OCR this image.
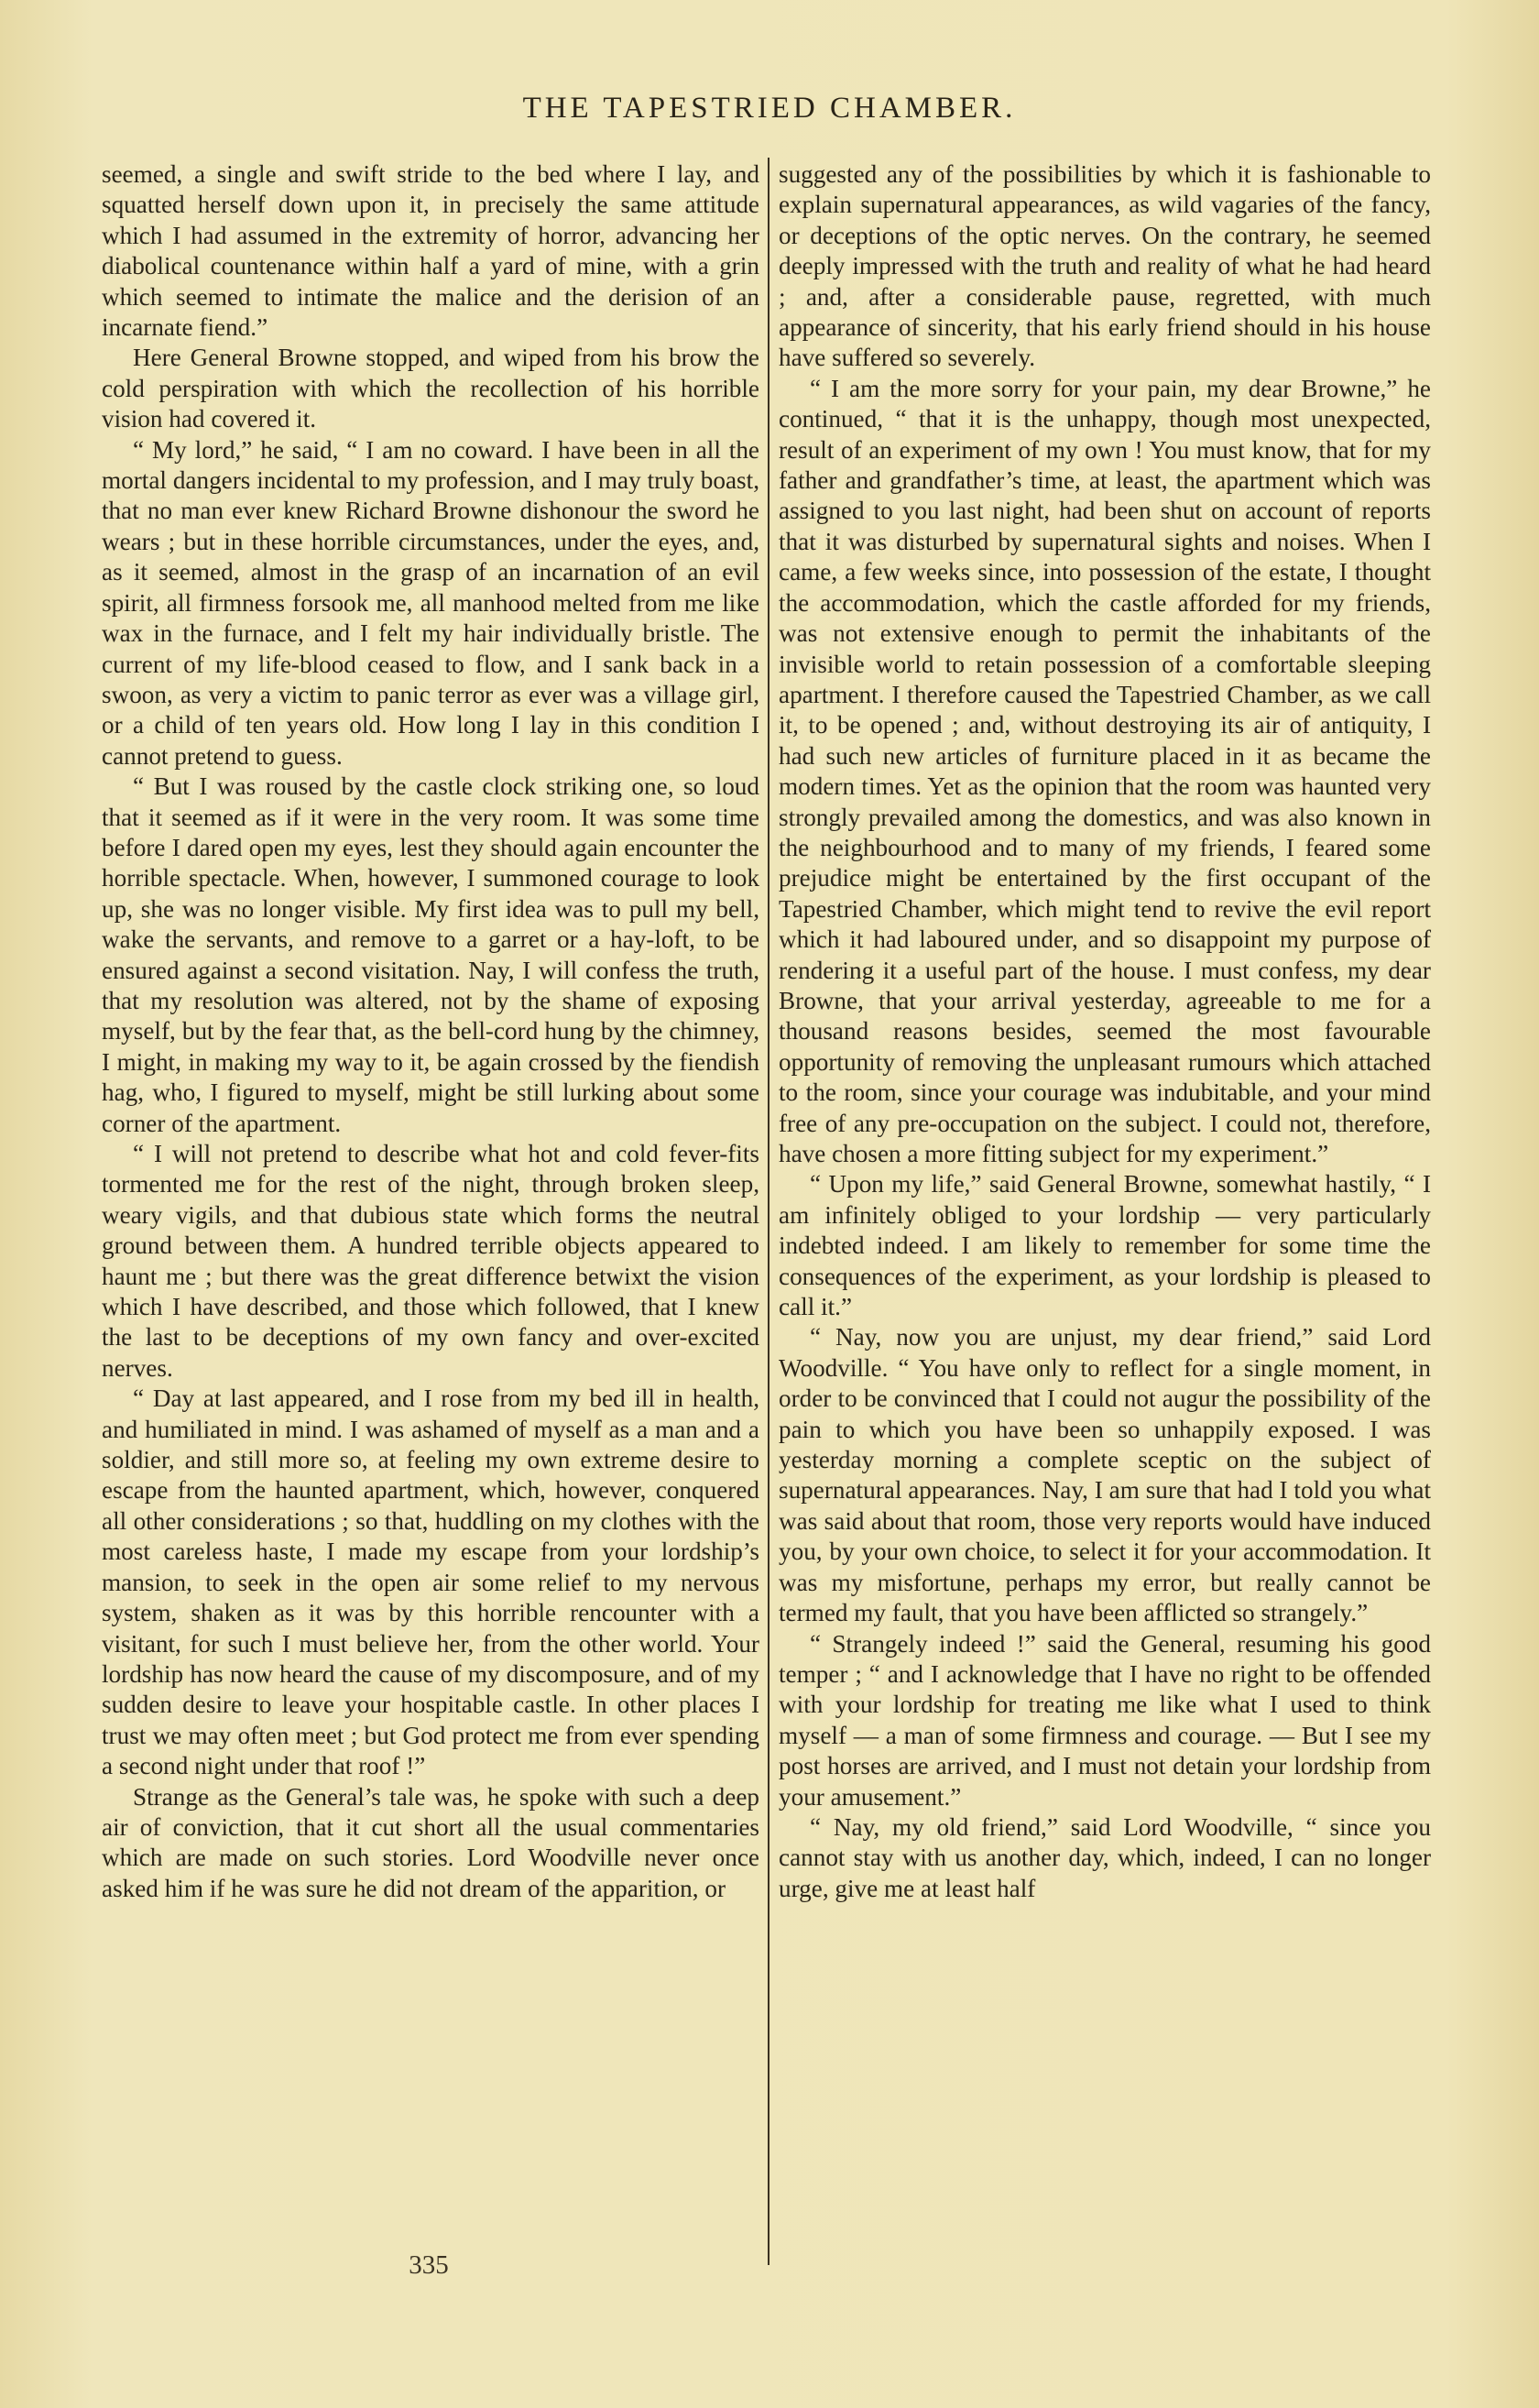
THE TAPESTRIED CHAMBER.

seemed, a single and swift stride to the bed where I lay, and squatted herself down upon it, in precisely the same attitude which I had assumed in the extremity of horror, advancing her diabolical countenance within half a yard of mine, with a grin which seemed to intimate the malice and the derision of an incarnate fiend.”

Here General Browne stopped, and wiped from his brow the cold perspiration with which the recollection of his horrible vision had covered it.

“ My lord,” he said, “ I am no coward. I have been in all the mortal dangers incidental to my profession, and I may truly boast, that no man ever knew Richard Browne dishonour the sword he wears ; but in these horrible circumstances, under the eyes, and, as it seemed, almost in the grasp of an incarnation of an evil spirit, all firmness forsook me, all manhood melted from me like wax in the furnace, and I felt my hair individually bristle. The current of my life-blood ceased to flow, and I sank back in a swoon, as very a victim to panic terror as ever was a village girl, or a child of ten years old. How long I lay in this condition I cannot pretend to guess.

“ But I was roused by the castle clock striking one, so loud that it seemed as if it were in the very room. It was some time before I dared open my eyes, lest they should again encounter the horrible spectacle. When, however, I summoned courage to look up, she was no longer visible. My first idea was to pull my bell, wake the servants, and remove to a garret or a hay-loft, to be ensured against a second visitation. Nay, I will confess the truth, that my resolution was altered, not by the shame of exposing myself, but by the fear that, as the bell-cord hung by the chimney, I might, in making my way to it, be again crossed by the fiendish hag, who, I figured to myself, might be still lurking about some corner of the apartment.

“ I will not pretend to describe what hot and cold fever-fits tormented me for the rest of the night, through broken sleep, weary vigils, and that dubious state which forms the neutral ground between them. A hundred terrible objects appeared to haunt me ; but there was the great difference betwixt the vision which I have described, and those which followed, that I knew the last to be deceptions of my own fancy and over-excited nerves.

“ Day at last appeared, and I rose from my bed ill in health, and humiliated in mind. I was ashamed of myself as a man and a soldier, and still more so, at feeling my own extreme desire to escape from the haunted apartment, which, however, conquered all other considerations ; so that, huddling on my clothes with the most careless haste, I made my escape from your lordship’s mansion, to seek in the open air some relief to my nervous system, shaken as it was by this horrible rencounter with a visitant, for such I must believe her, from the other world. Your lordship has now heard the cause of my discomposure, and of my sudden desire to leave your hospitable castle. In other places I trust we may often meet ; but God protect me from ever spending a second night under that roof !”

Strange as the General’s tale was, he spoke with such a deep air of conviction, that it cut short all the usual commentaries which are made on such stories. Lord Woodville never once asked him if he was sure he did not dream of the apparition, or

suggested any of the possibilities by which it is fashionable to explain supernatural appearances, as wild vagaries of the fancy, or deceptions of the optic nerves. On the contrary, he seemed deeply impressed with the truth and reality of what he had heard ; and, after a considerable pause, regretted, with much appearance of sincerity, that his early friend should in his house have suffered so severely.

“ I am the more sorry for your pain, my dear Browne,” he continued, “ that it is the unhappy, though most unexpected, result of an experiment of my own ! You must know, that for my father and grandfather’s time, at least, the apartment which was assigned to you last night, had been shut on account of reports that it was disturbed by supernatural sights and noises. When I came, a few weeks since, into possession of the estate, I thought the accommodation, which the castle afforded for my friends, was not extensive enough to permit the inhabitants of the invisible world to retain possession of a comfortable sleeping apartment. I therefore caused the Tapestried Chamber, as we call it, to be opened ; and, without destroying its air of antiquity, I had such new articles of furniture placed in it as became the modern times. Yet as the opinion that the room was haunted very strongly prevailed among the domestics, and was also known in the neighbourhood and to many of my friends, I feared some prejudice might be entertained by the first occupant of the Tapestried Chamber, which might tend to revive the evil report which it had laboured under, and so disappoint my purpose of rendering it a useful part of the house. I must confess, my dear Browne, that your arrival yesterday, agreeable to me for a thousand reasons besides, seemed the most favourable opportunity of removing the unpleasant rumours which attached to the room, since your courage was indubitable, and your mind free of any pre-occupation on the subject. I could not, therefore, have chosen a more fitting subject for my experiment.”

“ Upon my life,” said General Browne, somewhat hastily, “ I am infinitely obliged to your lordship — very particularly indebted indeed. I am likely to remember for some time the consequences of the experiment, as your lordship is pleased to call it.”

“ Nay, now you are unjust, my dear friend,” said Lord Woodville. “ You have only to reflect for a single moment, in order to be convinced that I could not augur the possibility of the pain to which you have been so unhappily exposed. I was yesterday morning a complete sceptic on the subject of supernatural appearances. Nay, I am sure that had I told you what was said about that room, those very reports would have induced you, by your own choice, to select it for your accommodation. It was my misfortune, perhaps my error, but really cannot be termed my fault, that you have been afflicted so strangely.”

“ Strangely indeed !” said the General, resuming his good temper ; “ and I acknowledge that I have no right to be offended with your lordship for treating me like what I used to think myself — a man of some firmness and courage. — But I see my post horses are arrived, and I must not detain your lordship from your amusement.”

“ Nay, my old friend,” said Lord Woodville, “ since you cannot stay with us another day, which, indeed, I can no longer urge, give me at least half

335
